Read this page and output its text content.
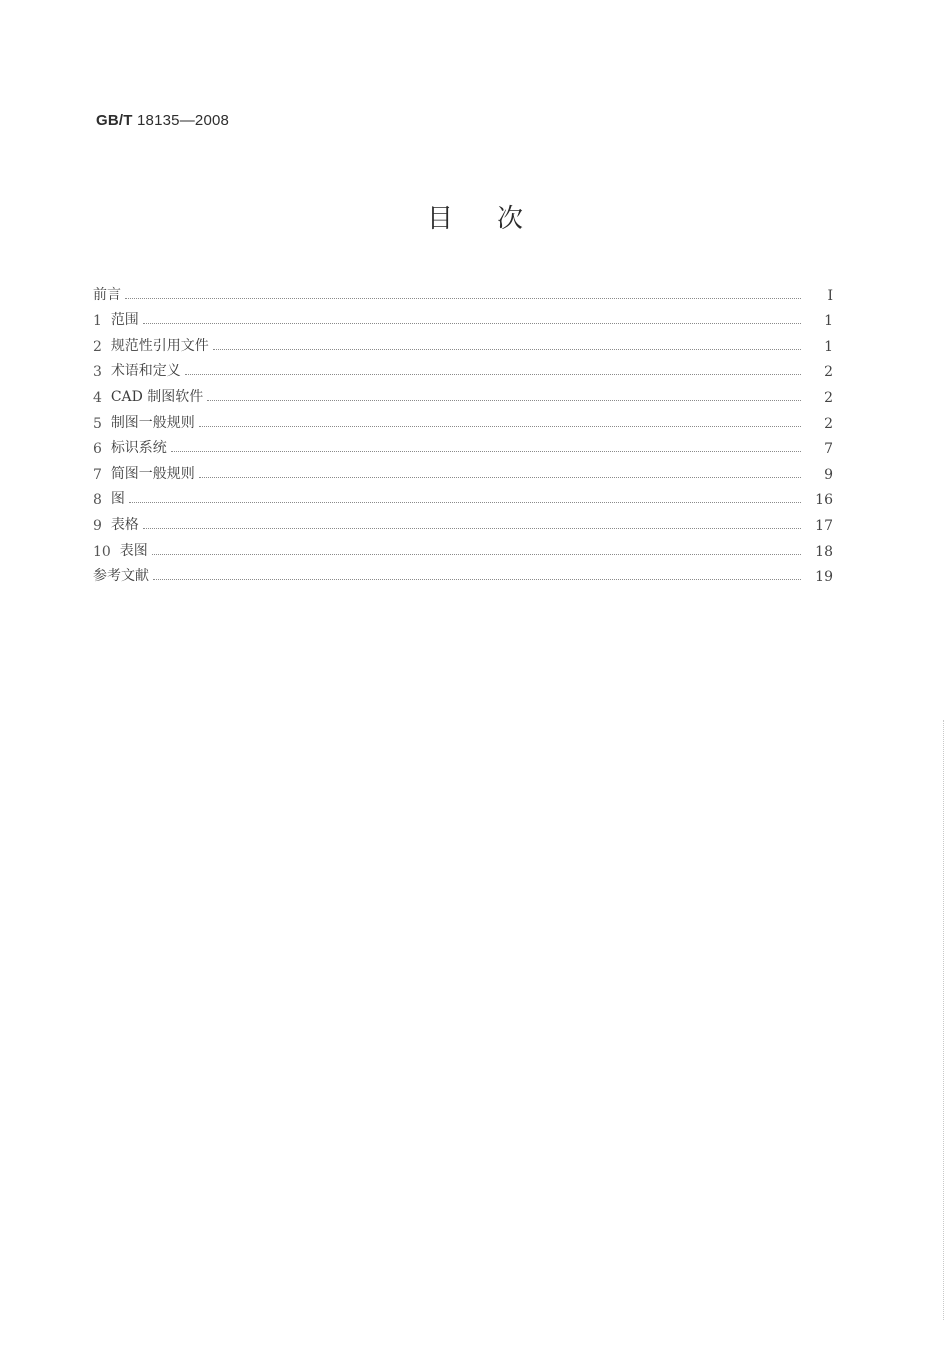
GB/T 18135—2008
目次
前言	I
1 范围	1
2 规范性引用文件	1
3 术语和定义	2
4 CAD 制图软件	2
5 制图一般规则	2
6 标识系统	7
7 简图一般规则	9
8 图	16
9 表格	17
10 表图	18
参考文献	19
